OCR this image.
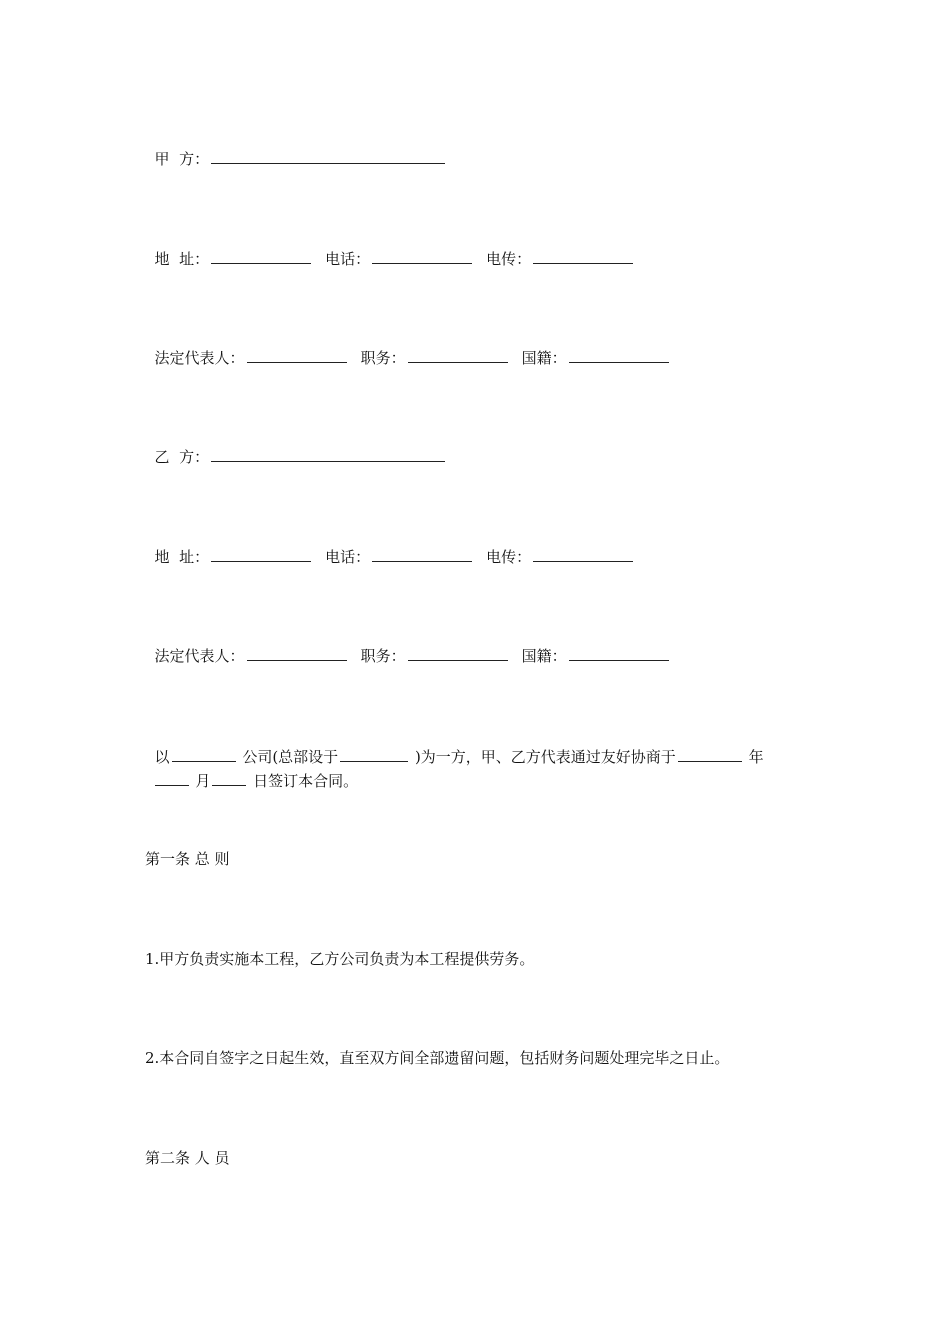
甲  方：

地  址：	电话：	电传：

法定代表人：	职务：	国籍：

乙  方：

地  址：	电话：	电传：

法定代表人：	职务：	国籍：

以	公司(总部设于	)为一方，甲、乙方代表通过友好协商于	年

月	日签订本合同。

第一条 总 则
1.甲方负责实施本工程，乙方公司负责为本工程提供劳务。
2.本合同自签字之日起生效，直至双方间全部遗留问题，包括财务问题处理完毕之日止。
第二条 人 员
